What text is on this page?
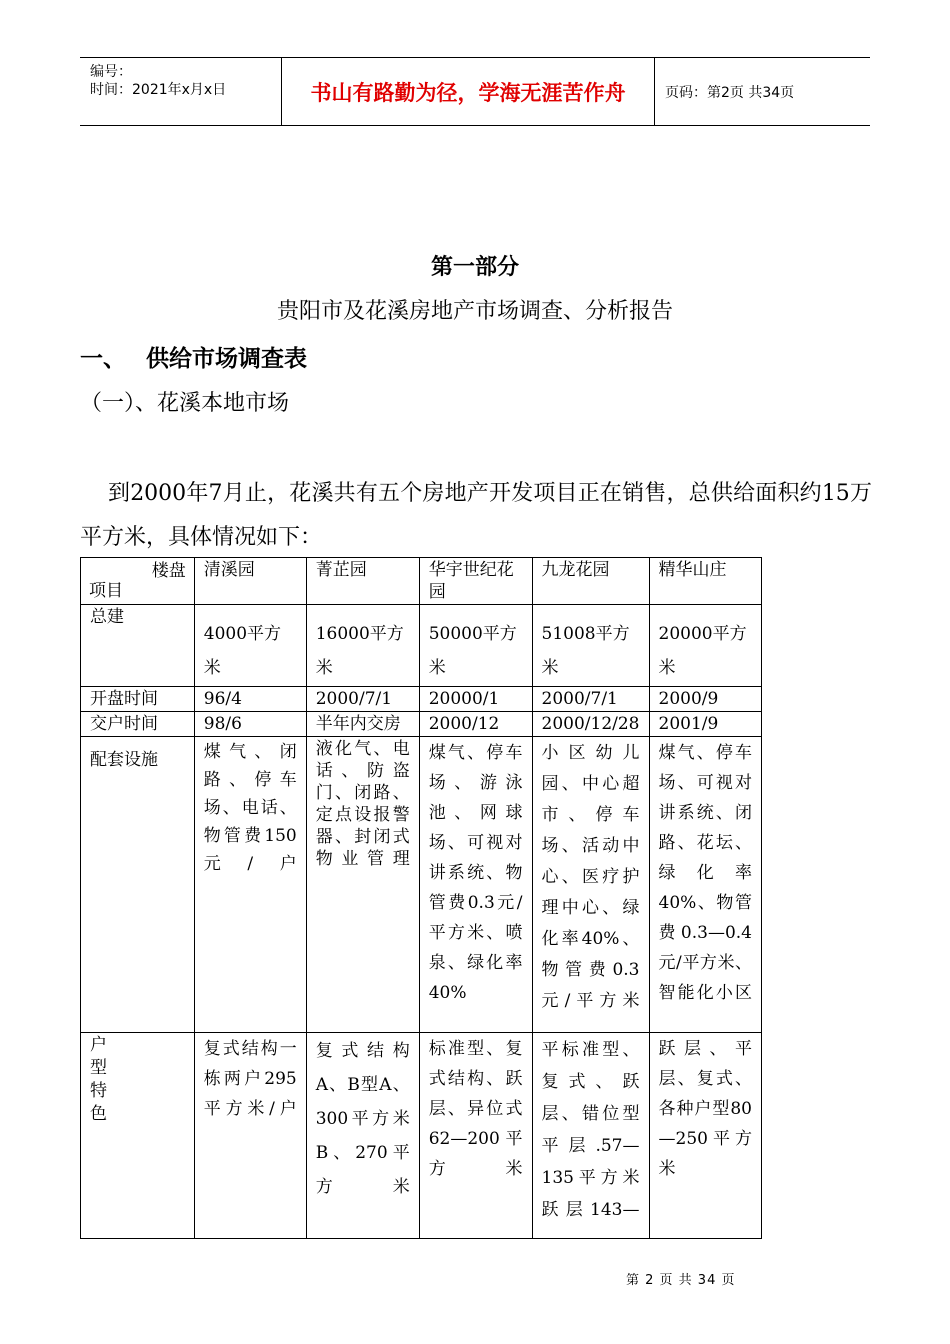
编号：
时间：2021年x月x日	书山有路勤为径，学海无涯苦作舟	页码：第2页 共34页
第一部分
贵阳市及花溪房地产市场调查、分析报告
一、 供给市场调查表
（一）、花溪本地市场
到2000年7月止，花溪共有五个房地产开发项目正在销售，总供给面积约15万平方米，具体情况如下：
楼盘
项目	清溪园	菁芷园	华宇世纪花园	九龙花园	精华山庄
总建	4000平方米	16000平方米	50000平方米	51008平方米	20000平方米
开盘时间	96/4	2000/7/1	20000/1	2000/7/1	2000/9
交户时间	98/6	半年内交房	2000/12	2000/12/28	2001/9
配套设施	煤气、闭路、停车场、电话、物管费150元/户	液化气、电话、防盗门、闭路、定点设报警器、封闭式物业管理	煤气、停车场、游泳池、网球场、可视对讲系统、物管费0.3元/平方米、喷泉、绿化率40%	小区幼儿园、中心超市、停车场、活动中心、医疗护理中心、绿化率40%、物管费0.3元/平方米	煤气、停车场、可视对讲系统、闭路、花坛、绿化率40%、物管费0.3—0.4元/平方米、智能化小区
户型特色	复式结构一栋两户295平方米/户	复式结构A、B型A、300平方米B、270平方米	标准型、复式结构、跃层、异位式62—200平方米	平标准型、复式、跃层、错位型平层.57—135平方米跃层143—	跃层、平层、复式、各种户型80—250平方米
第 2 页 共 34 页
